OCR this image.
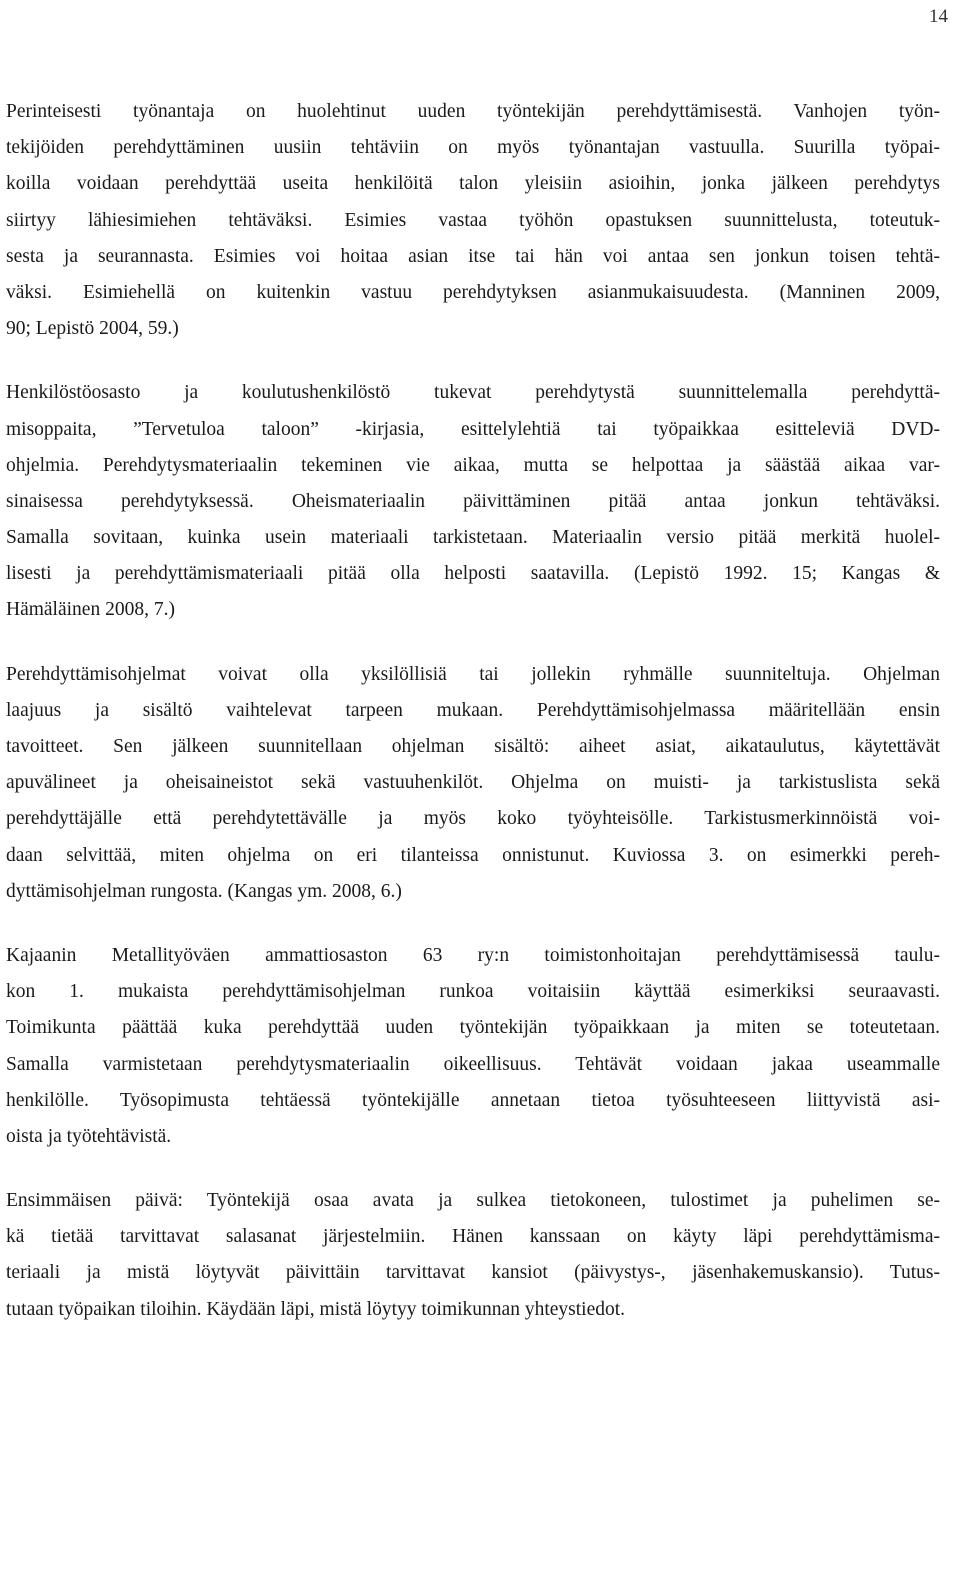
14
Perinteisesti työnantaja on huolehtinut uuden työntekijän perehdyttämisestä. Vanhojen työn-
tekijöiden perehdyttäminen uusiin tehtäviin on myös työnantajan vastuulla. Suurilla työpai-
koilla voidaan perehdyttää useita henkilöitä talon yleisiin asioihin, jonka jälkeen perehdytys
siirtyy lähiesimiehen tehtäväksi. Esimies vastaa työhön opastuksen suunnittelusta, toteutuk-
sesta ja seurannasta. Esimies voi hoitaa asian itse tai hän voi antaa sen jonkun toisen tehtä-
väksi. Esimiehellä on kuitenkin vastuu perehdytyksen asianmukaisuudesta. (Manninen 2009,
90; Lepistö 2004, 59.)
Henkilöstöosasto ja koulutushenkilöstö tukevat perehdytystä suunnittelemalla perehdyttä-
misoppaita, ”Tervetuloa taloon” -kirjasia, esittelylehtiä tai työpaikkaa esitteleviä DVD-
ohjelmia. Perehdytysmateriaalin tekeminen vie aikaa, mutta se helpottaa ja säästää aikaa var-
sinaisessa perehdytyksessä. Oheismateriaalin päivittäminen pitää antaa jonkun tehtäväksi.
Samalla sovitaan, kuinka usein materiaali tarkistetaan. Materiaalin versio pitää merkitä huolel-
lisesti ja perehdyttämismateriaali pitää olla helposti saatavilla. (Lepistö 1992. 15; Kangas &
Hämäläinen 2008, 7.)
Perehdyttämisohjelmat voivat olla yksilöllisiä tai jollekin ryhmälle suunniteltuja. Ohjelman
laajuus ja sisältö vaihtelevat tarpeen mukaan. Perehdyttämisohjelmassa määritellään ensin
tavoitteet. Sen jälkeen suunnitellaan ohjelman sisältö: aiheet asiat, aikataulutus, käytettävät
apuvälineet ja oheisaineistot sekä vastuuhenkilöt. Ohjelma on muisti- ja tarkistuslista sekä
perehdyttäjälle että perehdytettävälle ja myös koko työyhteisölle. Tarkistusmerkinnöistä voi-
daan selvittää, miten ohjelma on eri tilanteissa onnistunut. Kuviossa 3. on esimerkki pereh-
dyttämisohjelman rungosta. (Kangas ym. 2008, 6.)
Kajaanin Metallityöväen ammattiosaston 63 ry:n toimistonhoitajan perehdyttämisessä taulu-
kon 1. mukaista perehdyttämisohjelman runkoa voitaisiin käyttää esimerkiksi seuraavasti.
Toimikunta päättää kuka perehdyttää uuden työntekijän työpaikkaan ja miten se toteutetaan.
Samalla varmistetaan perehdytysmateriaalin oikeellisuus. Tehtävät voidaan jakaa useammalle
henkilölle. Työsopimusta tehtäessä työntekijälle annetaan tietoa työsuhteeseen liittyvistä asi-
oista ja työtehtävistä.
Ensimmäisen päivä: Työntekijä osaa avata ja sulkea tietokoneen, tulostimet ja puhelimen se-
kä tietää tarvittavat salasanat järjestelmiin. Hänen kanssaan on käyty läpi perehdyttämisma-
teriaali ja mistä löytyvät päivittäin tarvittavat kansiot (päivystys-, jäsenhakemuskansio). Tutus-
tutaan työpaikan tiloihin. Käydään läpi, mistä löytyy toimikunnan yhteystiedot.
